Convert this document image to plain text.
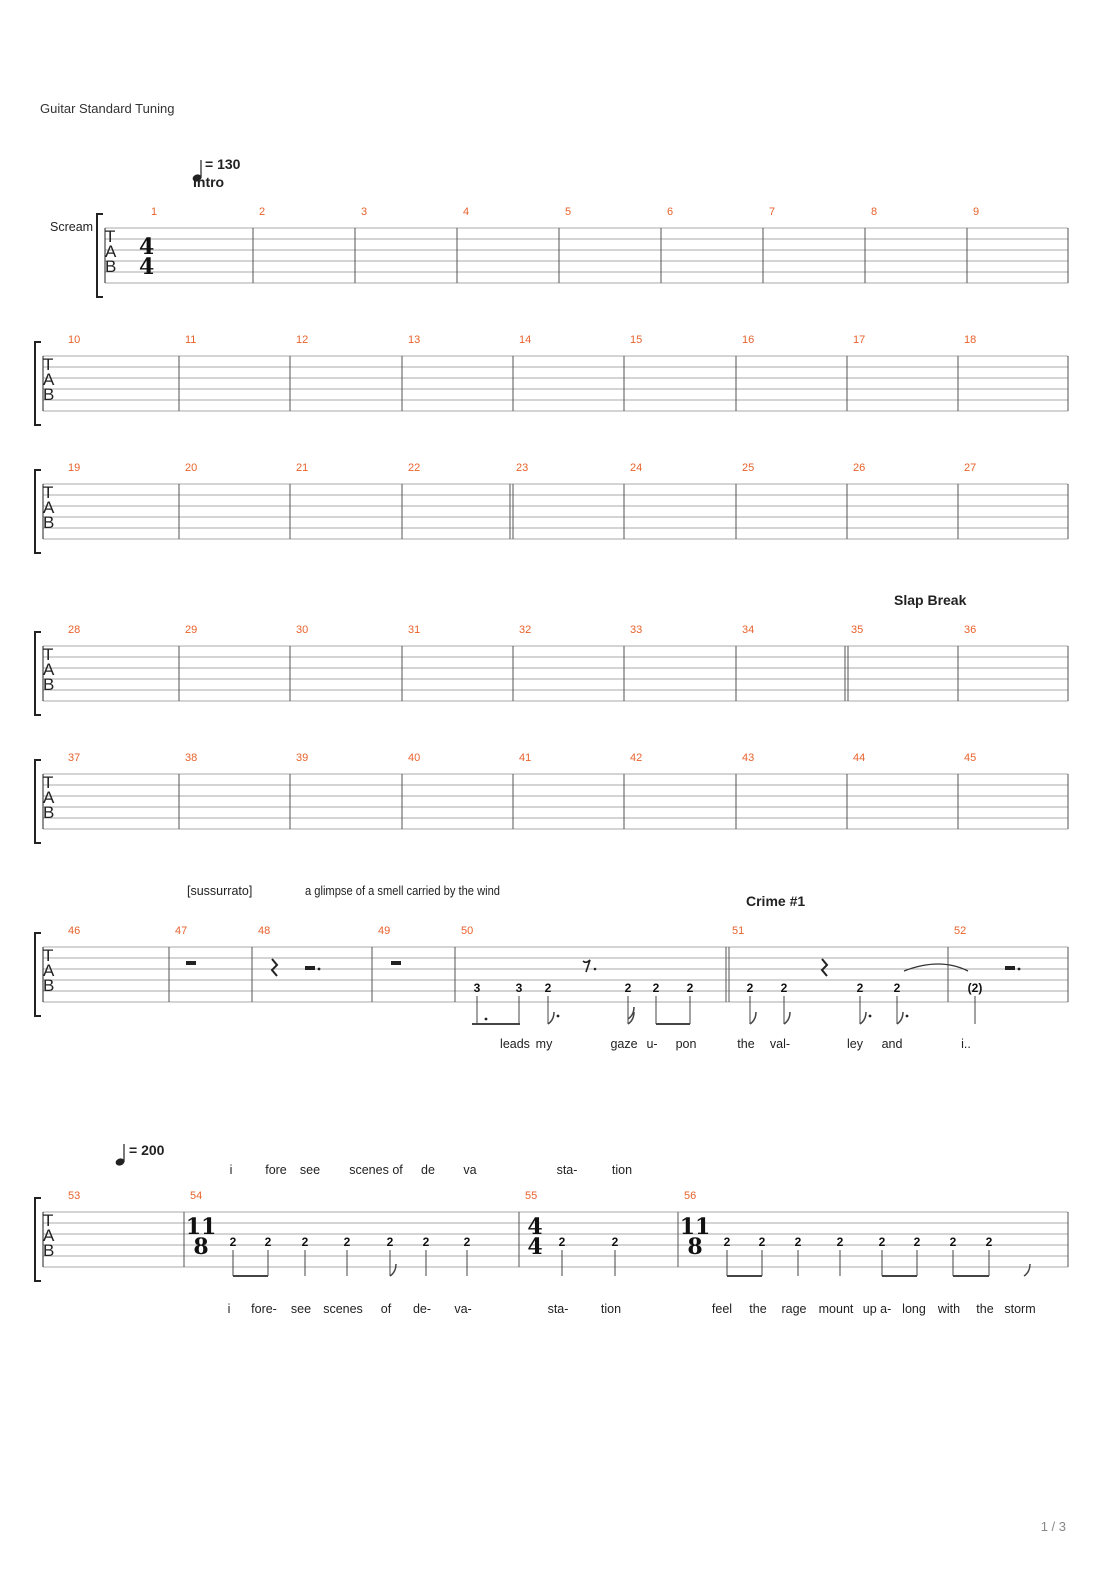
Guitar Standard Tuning
1 / 3
T
A
B
1	2	3	4	5	6	7	8	9
T
A
B
10	11	12	13	14	15	16	17	18
T
A
B
19	20	21	22	23	24	25	26	27
T
A
B
28	29	30	31	32	33	34	35	36
T
A
B
37	38	39	40	41	42	43	44	45
T
A
B
46	47	48	49	50	51	52
T
A
B
53	54	55	56
4
4
Scream
= 130
= 200
Intro
Slap Break
Crime #1
[sussurrato]	a glimpse of a smell carried by the wind
3	3 2	2 2 2	2 2	2	2	(2)
leads my	gaze u- pon	the val-	ley and	i..
11
8
4
4
11
8
2 2	2	2	2 2	2	2	2	2 2 2	2	2 2 2 2
i	fore see scenes of de va	sta-	tion
i fore- see scenes of de- va-	sta-	tion	feel the rage mount up a- long with the storm
